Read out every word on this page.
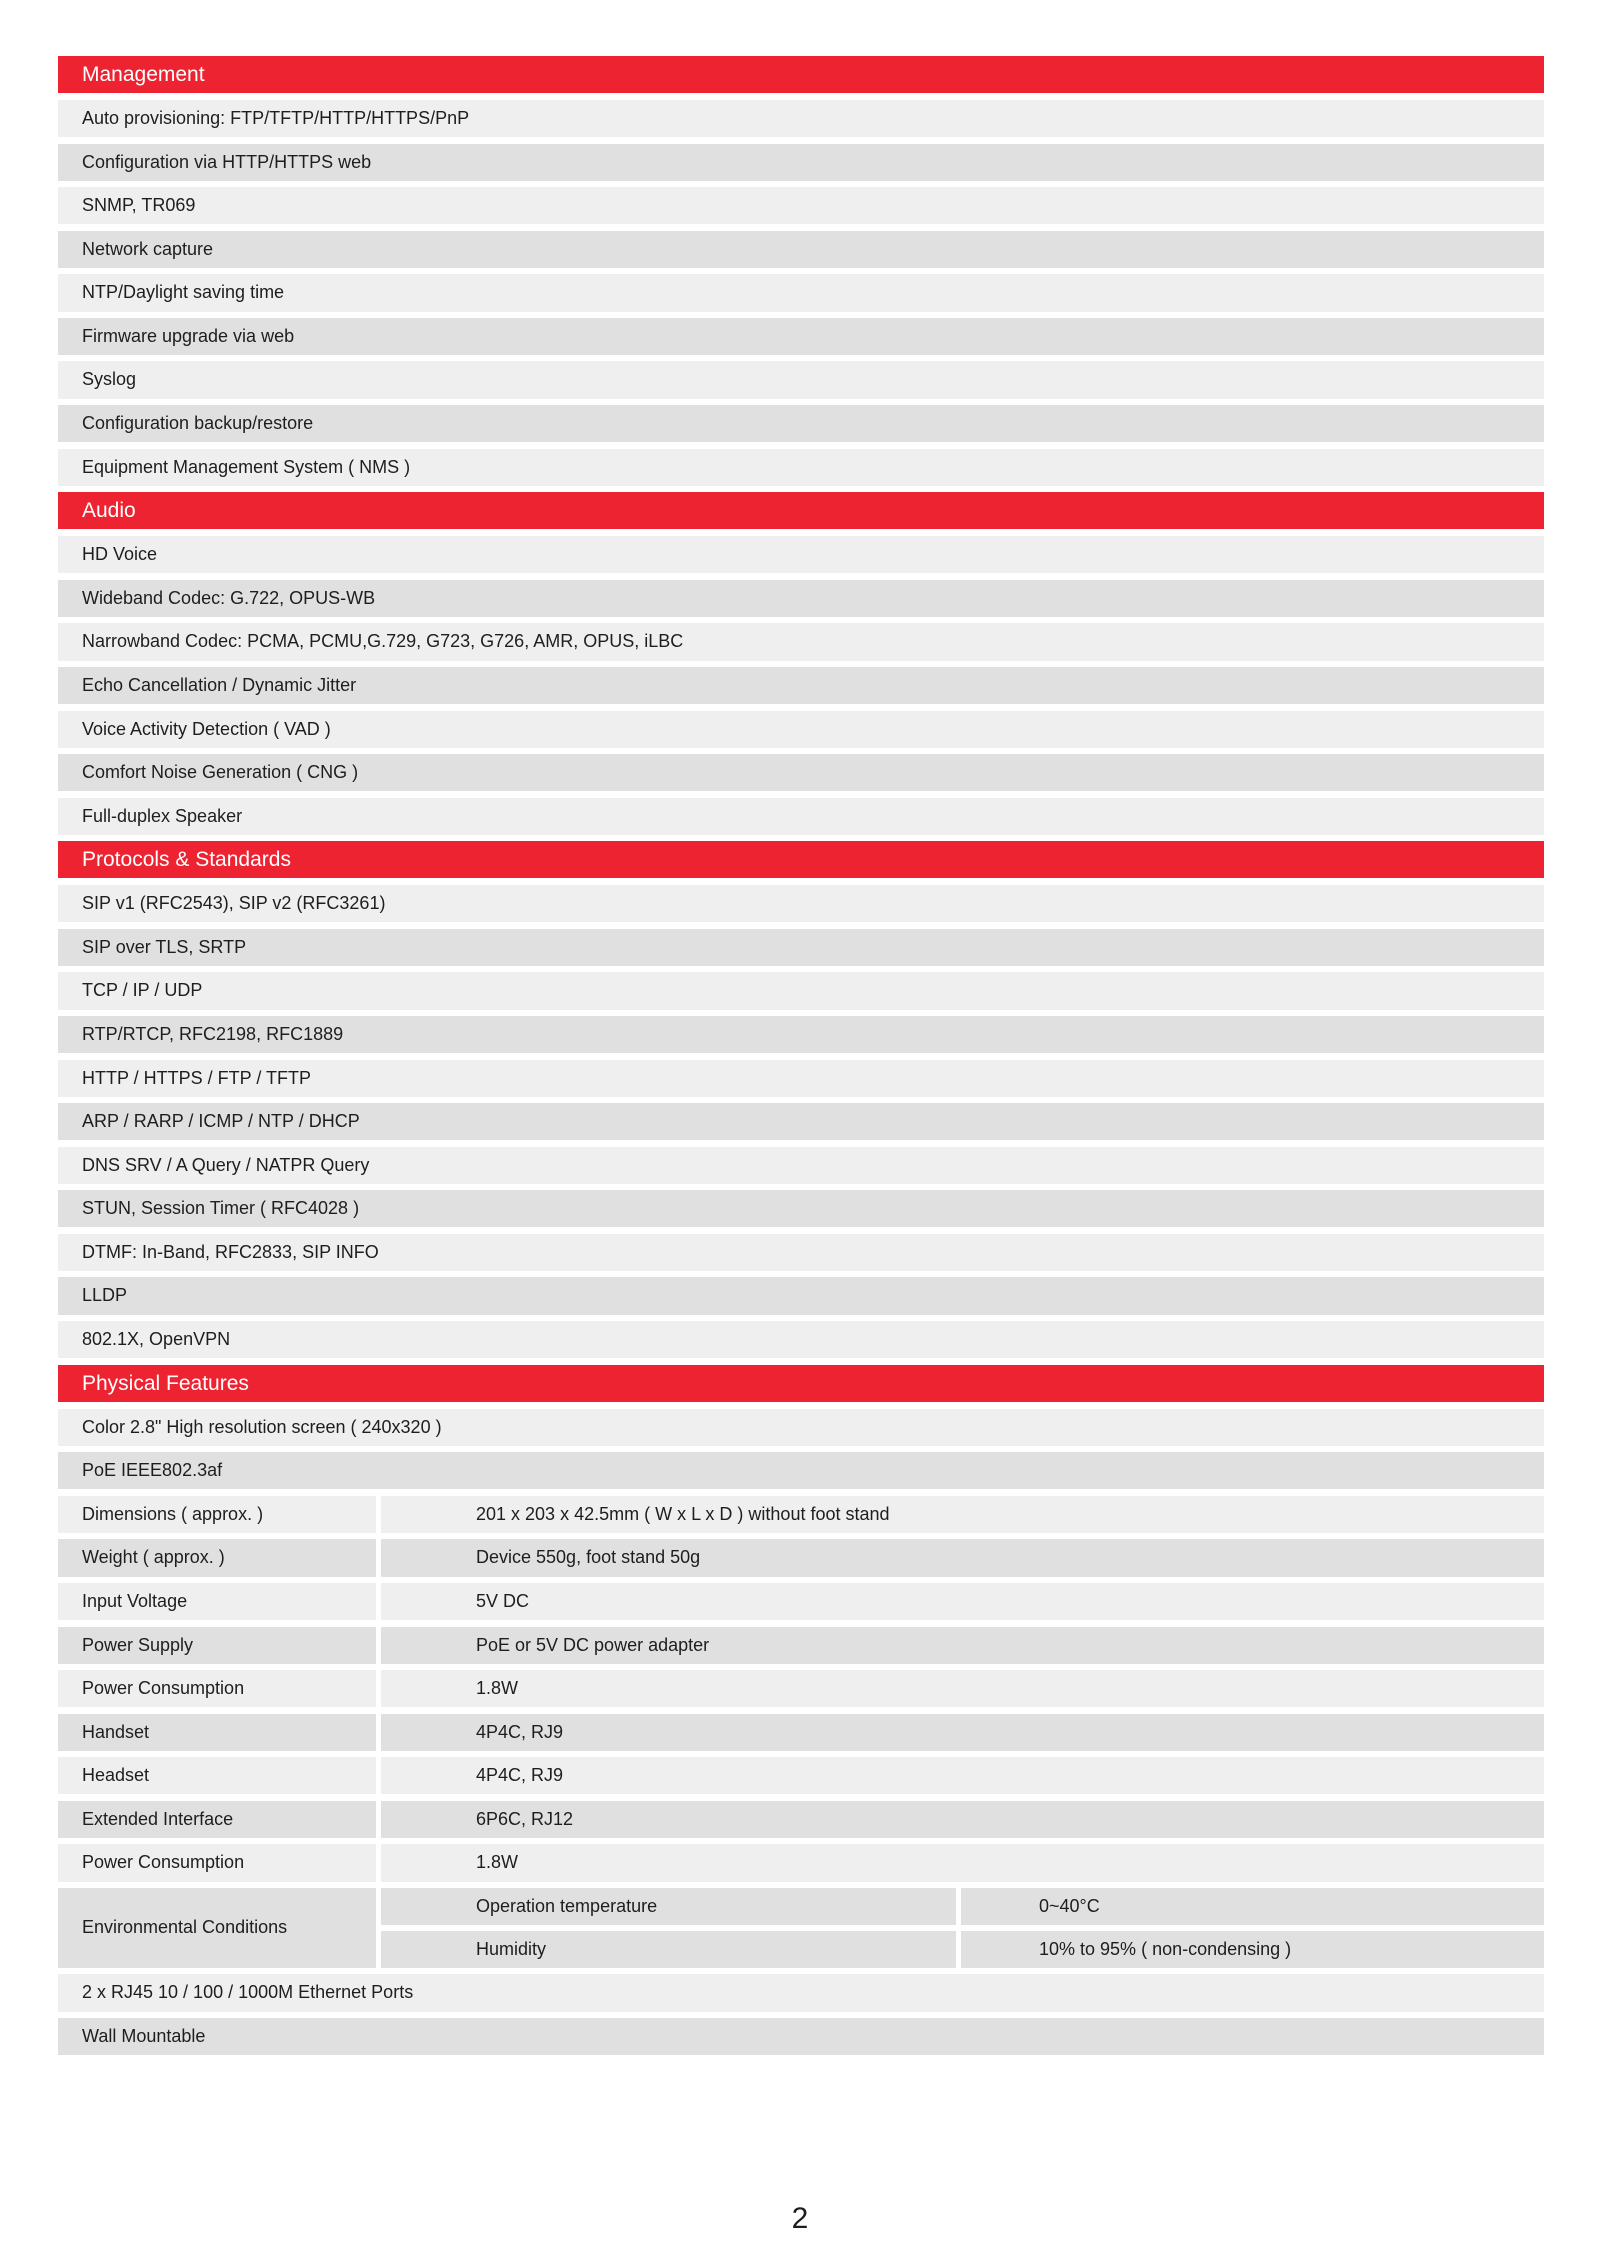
Management
Auto provisioning: FTP/TFTP/HTTP/HTTPS/PnP
Configuration via HTTP/HTTPS web
SNMP, TR069
Network capture
NTP/Daylight saving time
Firmware upgrade via web
Syslog
Configuration backup/restore
Equipment Management System ( NMS )
Audio
HD Voice
Wideband Codec: G.722, OPUS-WB
Narrowband Codec: PCMA, PCMU,G.729, G723, G726, AMR, OPUS, iLBC
Echo Cancellation / Dynamic Jitter
Voice Activity Detection ( VAD )
Comfort Noise Generation ( CNG )
Full-duplex Speaker
Protocols & Standards
SIP v1 (RFC2543), SIP v2 (RFC3261)
SIP over TLS, SRTP
TCP / IP / UDP
RTP/RTCP, RFC2198, RFC1889
HTTP / HTTPS / FTP / TFTP
ARP / RARP / ICMP / NTP / DHCP
DNS SRV / A Query / NATPR Query
STUN, Session Timer ( RFC4028 )
DTMF: In-Band, RFC2833, SIP INFO
LLDP
802.1X, OpenVPN
Physical Features
Color 2.8" High resolution screen ( 240x320 )
PoE IEEE802.3af
Dimensions ( approx. )	201 x 203 x 42.5mm ( W x L x D ) without foot stand
Weight ( approx. )	Device 550g, foot stand 50g
Input Voltage	5V DC
Power Supply	PoE or 5V DC power adapter
Power Consumption	1.8W
Handset	4P4C, RJ9
Headset	4P4C, RJ9
Extended Interface	6P6C, RJ12
Power Consumption	1.8W
Environmental Conditions
Operation temperature	0~40°C
Humidity	10% to 95% ( non-condensing )
2 x RJ45 10 / 100 / 1000M Ethernet Ports
Wall Mountable
2
